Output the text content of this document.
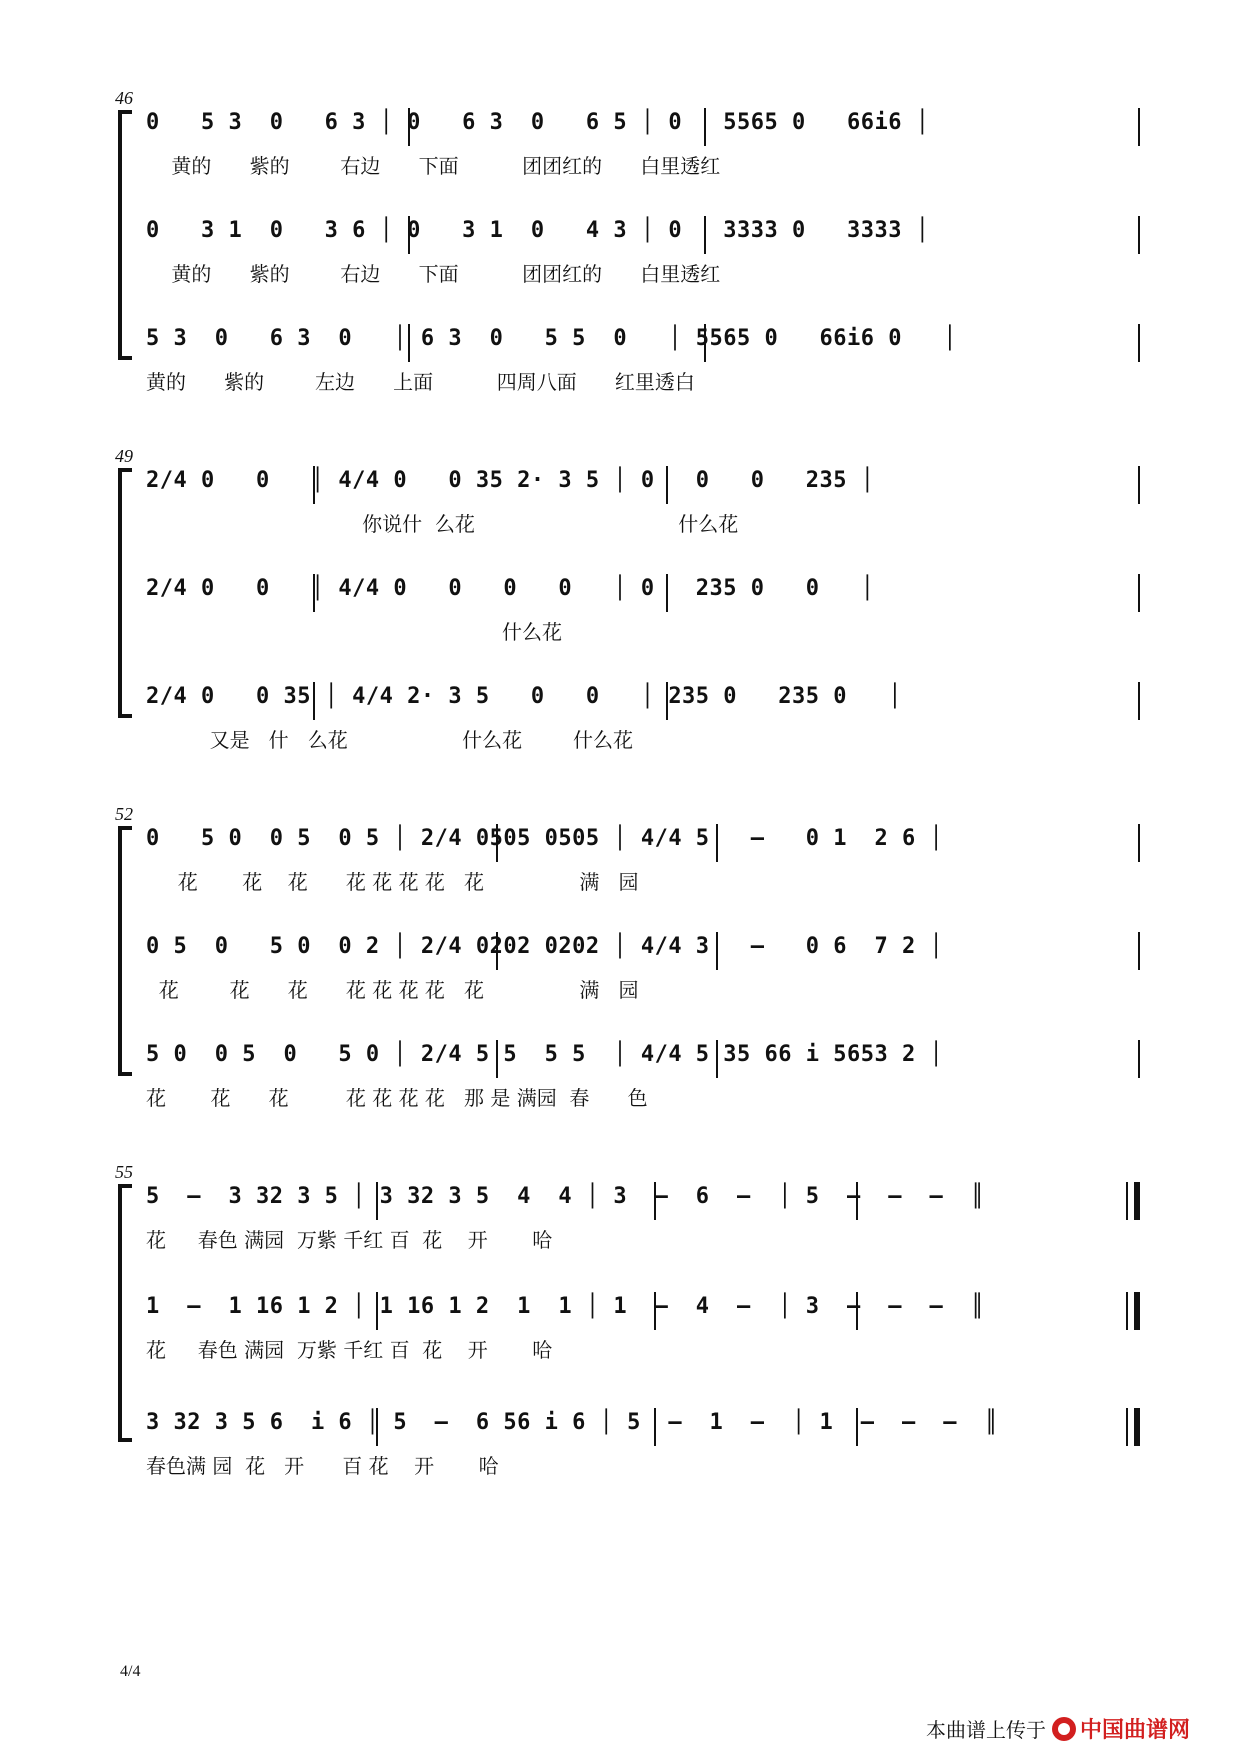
46
0   5 3  0   6 3 │ 0   6 3  0   6 5 │ 0   5565 0   66i6 │
黄的      紫的        右边      下面          团团红的      白里透红
0   3 1  0   3 6 │ 0   3 1  0   4 3 │ 0   3333 0   3333 │
黄的      紫的        右边      下面          团团红的      白里透红
5 3  0   6 3  0   │ 6 3  0   5 5  0   │ 5565 0   66i6 0   │
黄的      紫的        左边      上面          四周八面      红里透白
49
2/4 0   0   │ 4/4 0   0 35 2· 3 5 │ 0   0   0   235 │
你说什  么花                                什么花
2/4 0   0   │ 4/4 0   0   0   0   │ 0   235 0   0   │
什么花
2/4 0   0 35 │ 4/4 2· 3 5   0   0   │ 235 0   235 0   │
又是   什   么花                  什么花        什么花
52
0   5 0  0 5  0 5 │ 2/4 0505 0505 │ 4/4 5   –   0 1  2 6 │
花       花    花      花 花 花 花   花               满   园
0 5  0   5 0  0 2 │ 2/4 0202 0202 │ 4/4 3   –   0 6  7 2 │
花        花      花      花 花 花 花   花               满   园
5 0  0 5  0   5 0 │ 2/4 5 5  5 5  │ 4/4 5 35 66 i 5653 2 │
花       花      花         花 花 花 花   那 是 满园  春      色
55
5  –  3 32 3 5 │ 3 32 3 5  4  4 │ 3  –  6  –  │ 5  –  –  –  ║
花     春色 满园  万紫 千红 百  花    开       哈
1  –  1 16 1 2 │ 1 16 1 2  1  1 │ 1  –  4  –  │ 3  –  –  –  ║
花     春色 满园  万紫 千红 百  花    开       哈
3 32 3 5 6  i 6 │ 5  –  6 56 i 6 │ 5  –  1  –  │ 1  –  –  –  ║
春色满 园  花   开      百 花    开       哈
4/4
本曲谱上传于 中国曲谱网
